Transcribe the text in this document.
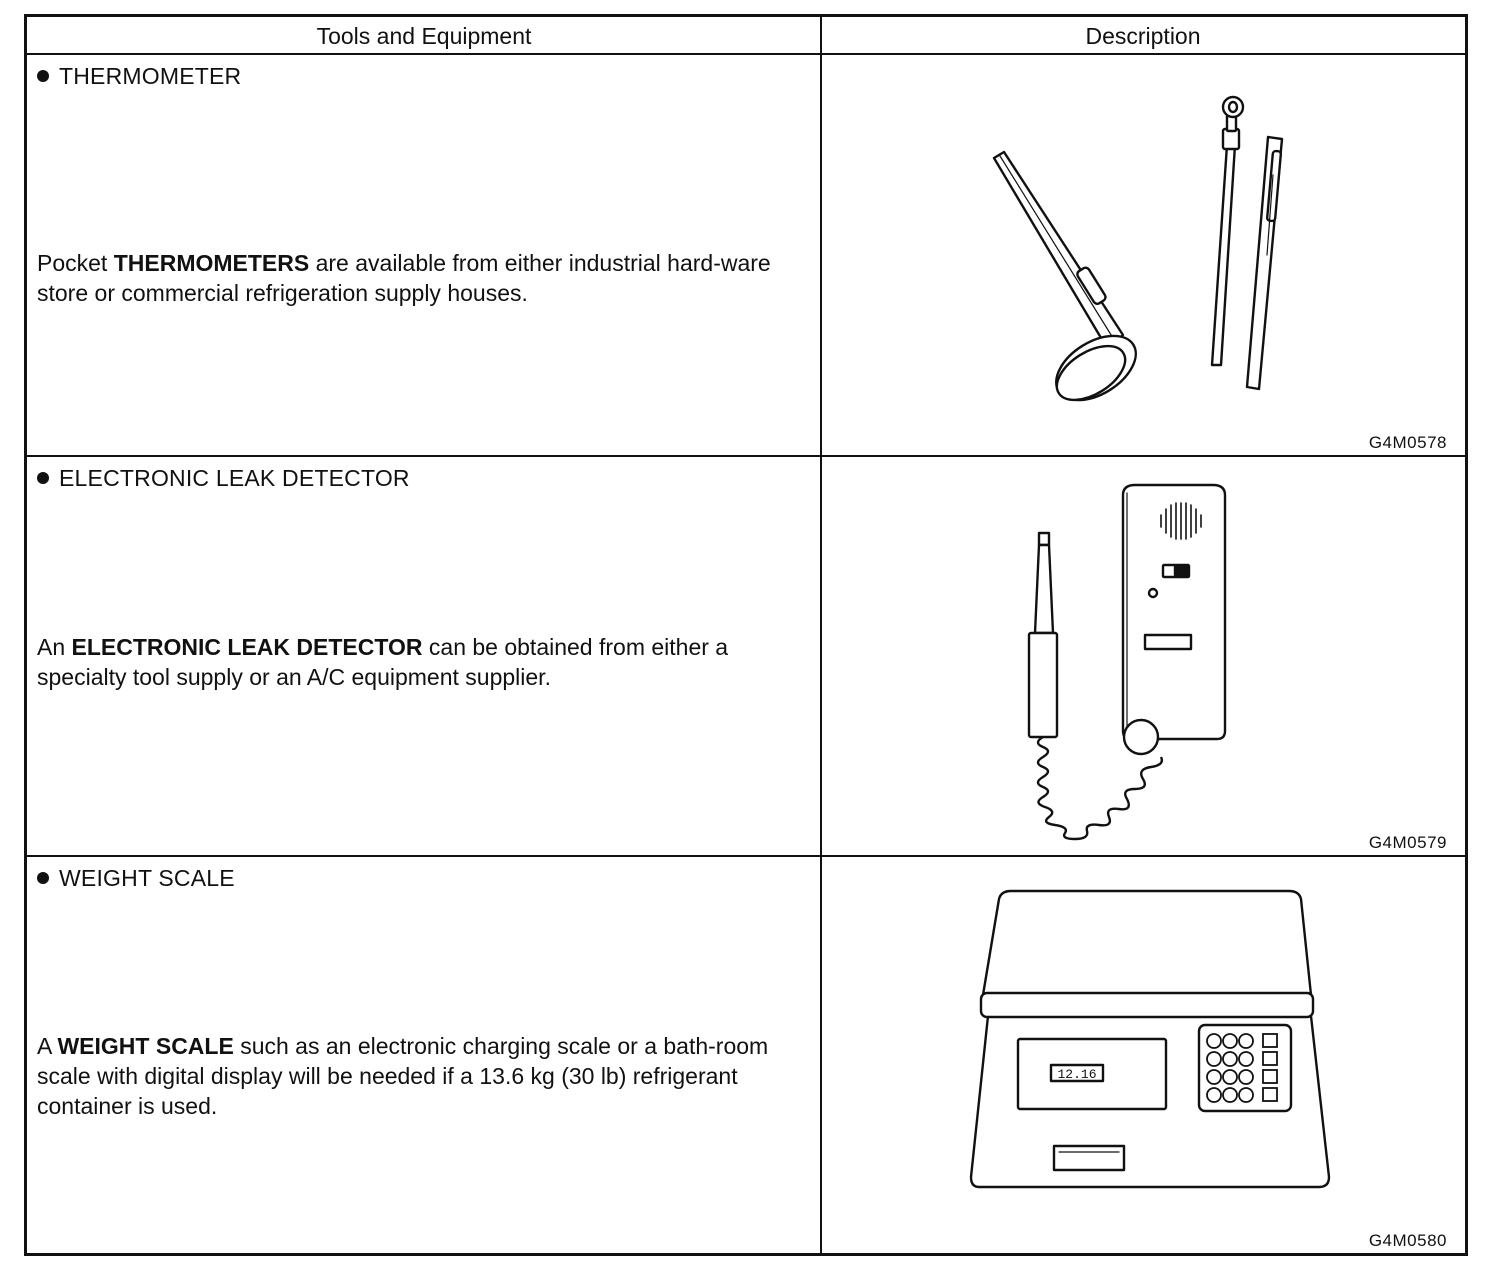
Tools and Equipment	Description
THERMOMETER
Pocket THERMOMETERS are available from either industrial hard-ware store or commercial refrigeration supply houses.
G4M0578
ELECTRONIC LEAK DETECTOR
An ELECTRONIC LEAK DETECTOR can be obtained from either a specialty tool supply or an A/C equipment supplier.
G4M0579
WEIGHT SCALE
A WEIGHT SCALE such as an electronic charging scale or a bath-room scale with digital display will be needed if a 13.6 kg (30 lb) refrigerant container is used.
12.16
G4M0580
